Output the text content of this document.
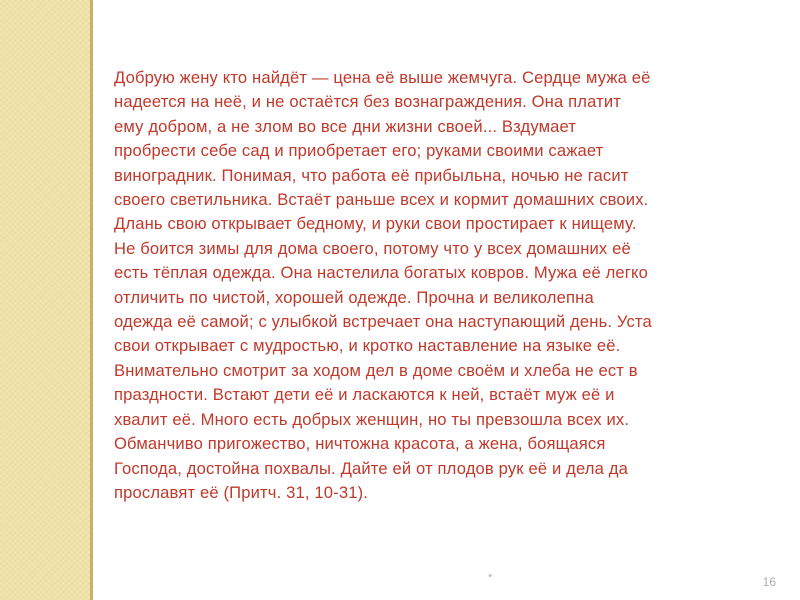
Добрую жену кто найдёт — цена её выше жемчуга. Сердце мужа её
надеется на неё, и не остаётся без вознаграждения. Она платит
ему добром, а не злом во все дни жизни своей... Вздумает
пробрести себе сад и приобретает его; руками своими сажает
виноградник. Понимая, что работа её прибыльна, ночью не гасит
своего светильника. Встаёт раньше всех и кормит домашних своих.
Длань свою открывает бедному, и руки свои простирает к нищему.
Не боится зимы для дома своего, потому что у всех домашних её
есть тёплая одежда. Она настелила богатых ковров. Мужа её легко
отличить по чистой, хорошей одежде. Прочна и великолепна
одежда её самой; с улыбкой встречает она наступающий день. Уста
свои открывает с мудростью, и кротко наставление на языке её.
Внимательно смотрит за ходом дел в доме своём и хлеба не ест в
праздности. Встают дети её и ласкаются к ней, встаёт муж её и
хвалит её. Много есть добрых женщин, но ты превзошла всех их.
Обманчиво пригожество, ничтожна красота, а жена, боящаяся
Господа, достойна похвалы. Дайте ей от плодов рук её и дела да
прославят её (Притч. 31, 10-31).
*	16
